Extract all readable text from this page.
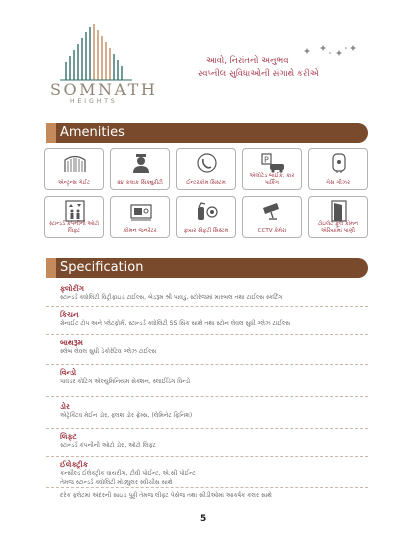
SOMNATH
HEIGHTS
આવો, નિરાંતનો અનુભવ
સ્વપ્નીલ સુવિધાઓની સંગાથે કરીએ
Amenities
એન્ટ્રન્સ ગેઈટ	૨૪ કલાક સિક્યુરીટી	ઈન્ટરકોમ સિસ્ટમ
P
એલોટેડ બાઈક, કાર પાર્કિંગ	ગેસ ગીઝર
સ્ટાન્ડર્ડ કંપનીની ઓટો લિફ્ટ	કોમન જનરેટર	ફાયર સેફટી સિસ્ટમ	CCTV કેમેરા
ટોઇલેટ ફૂલ કોમન એરિયામાં પાણી
Specification
ફ્લોરીંગ
સ્ટાન્ડર્ડ ક્વોલિટી વિટ્રીફાઇડ ટાઈલ્સ, બેડરૂમ શ્રી પાવડુ, સ્ટોરેજમાં મારબલ તથા ટાઈલ્સ સ્કર્ટિંગ
કિચન
ગ્રેનાઈટ ટોપ અને પ્લેટફોર્મ, સ્ટાન્ડર્ડ ક્વોલિટી SS સિંક સાથે તથા સ્ટોન લેવલ સુધી ગ્લેઝ ટાઈલ્સ
બાથરૂમ
સ્લેબ લેવલ સુધી ડેકોરેટિવ ગ્લેઝ ટાઈલ્સ
વિન્ડો
પાવડર કોટિંગ એલ્યુમિનિયમ સેક્શન, સ્લાઈડિંગ વિન્ડો
ડોર
એટ્રેક્ટિવ મેઈન ડોર, ફ્લશ ડોર ફ્રેમ્સ, (લેમિનેટ ફિનિશ)
લિફ્ટ
સ્ટાન્ડર્ડ કંપનીની ઓટો ડોર, ઓટો લિફ્ટ
ઈલેક્ટ્રીક
કન્સીલ્ડ ઈલેક્ટ્રીક વાયરીંગ, ટીવી પોઈન્ટ, એ.સી પોઈન્ટ
તેમજ સ્ટાન્ડર્ડ ક્વોલિટી મોડ્યુલર સ્વીચીસ સાથે
દરેક ફ્લેટમાં અંદરની સાઇડ પુટ્ટી તેમજ લીફ્ટ પેસેજ તથા સીડીઓમાં આકર્ષક કલર સાથે
5
